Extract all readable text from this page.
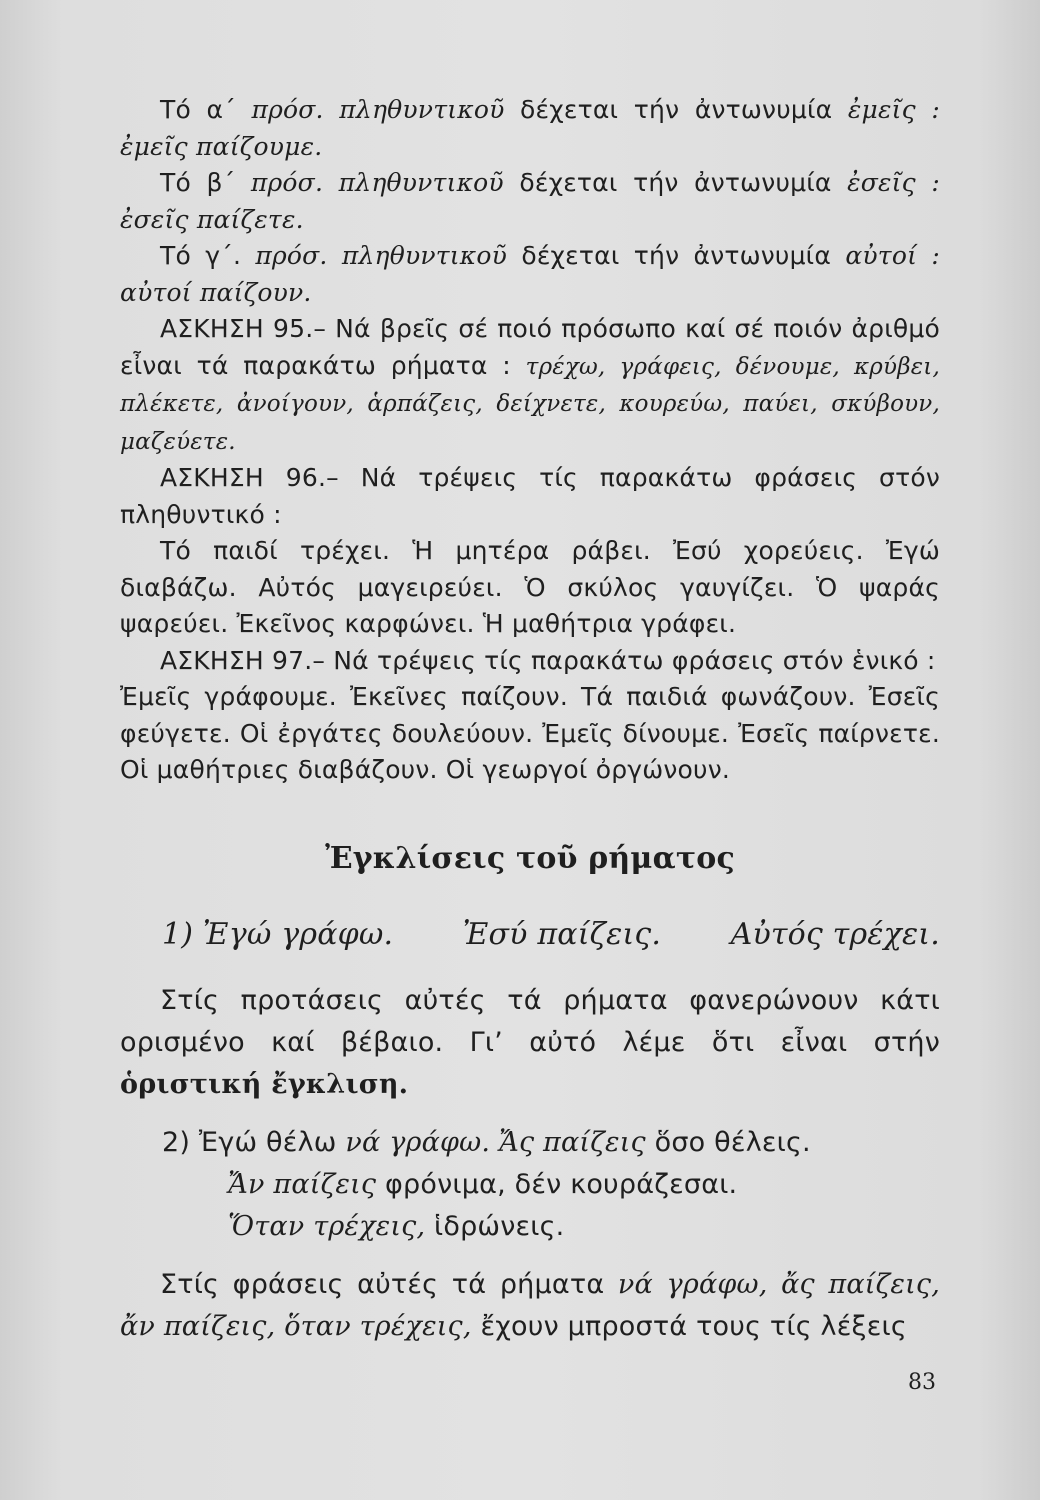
Τό α΄ πρόσ. πληθυντικοῦ δέχεται τήν ἀντωνυμία ἐμεῖς : ἐμεῖς παίζουμε.

Τό β΄ πρόσ. πληθυντικοῦ δέχεται τήν ἀντωνυμία ἐσεῖς : ἐσεῖς παίζετε.

Τό γ΄. πρόσ. πληθυντικοῦ δέχεται τήν ἀντωνυμία αὐτοί : αὐτοί παίζουν.

ΑΣΚΗΣΗ 95.– Νά βρεῖς σέ ποιό πρόσωπο καί σέ ποιόν ἀριθμό εἶναι τά παρακάτω ρήματα : τρέχω, γράφεις, δένουμε, κρύβει, πλέκετε, ἀνοίγουν, ἁρπάζεις, δείχνετε, κουρεύω, παύει, σκύβουν, μαζεύετε.

ΑΣΚΗΣΗ 96.– Νά τρέψεις τίς παρακάτω φράσεις στόν πληθυντικό :

Τό παιδί τρέχει. Ἡ μητέρα ράβει. Ἐσύ χορεύεις. Ἐγώ διαβάζω. Αὐτός μαγειρεύει. Ὁ σκύλος γαυγίζει. Ὁ ψαράς ψαρεύει. Ἐκεῖνος καρφώνει. Ἡ μαθήτρια γράφει.

ΑΣΚΗΣΗ 97.– Νά τρέψεις τίς παρακάτω φράσεις στόν ἑνικό :

Ἐμεῖς γράφουμε. Ἐκεῖνες παίζουν. Τά παιδιά φωνάζουν. Ἐσεῖς φεύγετε. Οἱ ἐργάτες δουλεύουν. Ἐμεῖς δίνουμε. Ἐσεῖς παίρνετε. Οἱ μαθήτριες διαβάζουν. Οἱ γεωργοί ὀργώνουν.

Ἐγκλίσεις τοῦ ρήματος

1) Ἐγώ γράφω. Ἐσύ παίζεις. Αὐτός τρέχει.

Στίς προτάσεις αὐτές τά ρήματα φανερώνουν κάτι ορισμένο καί βέβαιο. Γι’ αὐτό λέμε ὅτι εἶναι στήν ὁριστική ἔγκλιση.

2) Ἐγώ θέλω νά γράφω. Ἄς παίζεις ὅσο θέλεις.
Ἄν παίζεις φρόνιμα, δέν κουράζεσαι.
Ὅταν τρέχεις, ἱδρώνεις.

Στίς φράσεις αὐτές τά ρήματα νά γράφω, ἄς παίζεις, ἄν παίζεις, ὅταν τρέχεις, ἔχουν μπροστά τους τίς λέξεις

83
